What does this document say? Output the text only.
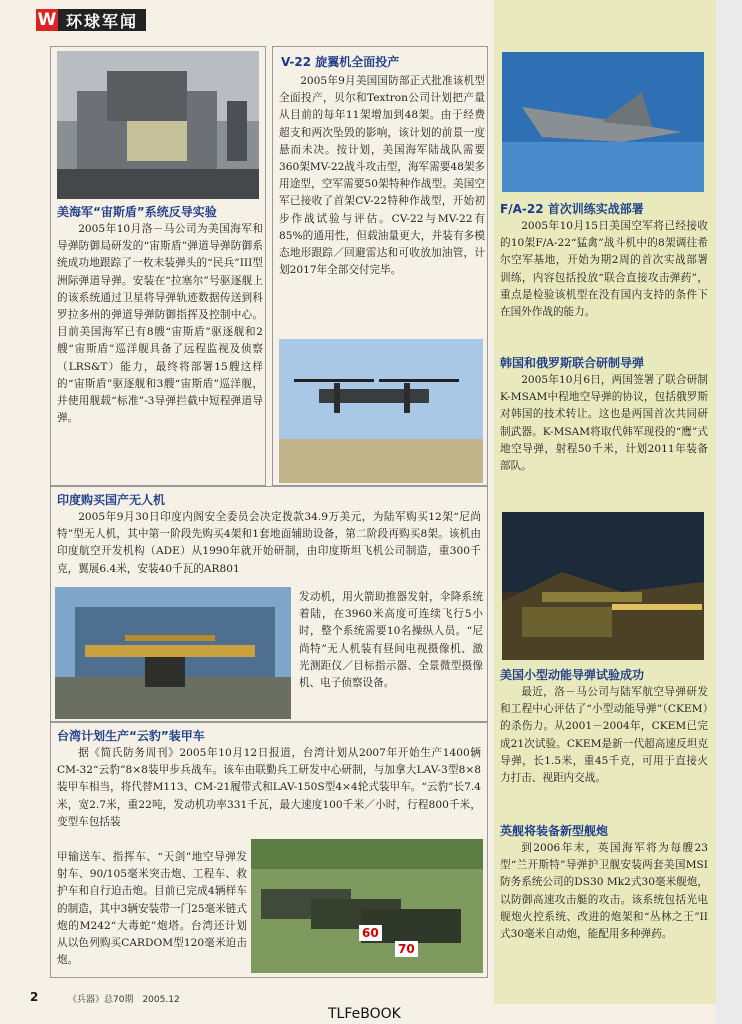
W 环球军闻
美海军“宙斯盾”系统反导实验
2005年10月洛－马公司为美国海军和导弹防御局研发的“宙斯盾”弹道导弹防御系统成功地跟踪了一枚未装弹头的“民兵”III型洲际弹道导弹。安装在“拉塞尔”号驱逐舰上的该系统通过卫星将导弹轨迹数据传送到科罗拉多州的弹道导弹防御指挥及控制中心。目前美国海军已有8艘“宙斯盾”驱逐舰和2艘“宙斯盾”巡洋舰具备了远程监视及侦察（LRS&T）能力，最终将部署15艘这样的“宙斯盾”驱逐舰和3艘“宙斯盾”巡洋舰，并使用舰载“标准”-3导弹拦截中短程弹道导弹。
V-22 旋翼机全面投产
2005年9月美国国防部正式批准该机型全面投产，贝尔和Textron公司计划把产量从目前的每年11架增加到48架。由于经费超支和两次坠毁的影响，该计划的前景一度悬而未决。按计划，美国海军陆战队需要360架MV-22战斗攻击型，海军需要48架多用途型，空军需要50架特种作战型。美国空军已接收了首架CV-22特种作战型，开始初步作战试验与评估。CV-22与MV-22有85%的通用性，但载油量更大，并装有多模态地形跟踪／回避雷达和可收放加油管，计划2017年全部交付完毕。
印度购买国产无人机
2005年9月30日印度内阁安全委员会决定拨款34.9万美元，为陆军购买12架“尼尚特”型无人机，其中第一阶段先购买4架和1套地面辅助设备，第二阶段再购买8架。该机由印度航空开发机构（ADE）从1990年就开始研制，由印度斯坦飞机公司制造，重300千克，翼展6.4米，安装40千瓦的AR801
发动机，用火箭助推器发射，伞降系统着陆，在3960米高度可连续飞行5小时，整个系统需要10名操纵人员。“尼尚特”无人机装有昼间电视摄像机、激光测距仪／目标指示器、全景微型摄像机、电子侦察设备。
台湾计划生产“云豹”装甲车
据《简氏防务周刊》2005年10月12日报道，台湾计划从2007年开始生产1400辆CM-32“云豹”8×8装甲步兵战车。该车由联勤兵工研发中心研制，与加拿大LAV-3型8×8装甲车相当，将代替M113、CM-21履带式和LAV-150S型4×4轮式装甲车。“云豹”长7.4米，宽2.7米，重22吨，发动机功率331千瓦，最大速度100千米／小时，行程800千米，变型车包括装
甲输送车、指挥车、“天剑”地空导弹发射车、90/105毫米突击炮、工程车、救护车和自行迫击炮。目前已完成4辆样车的制造，其中3辆安装带一门25毫米链式炮的M242“大毒蛇”炮塔。台湾还计划从以色列购买CARDOM型120毫米迫击炮。
60
70
F/A-22 首次训练实战部署
2005年10月15日美国空军将已经接收的10架F/A-22“猛禽”战斗机中的8架调往希尔空军基地，开始为期2周的首次实战部署训练，内容包括投放“联合直接攻击弹药”，重点是检验该机型在没有国内支持的条件下在国外作战的能力。
韩国和俄罗斯联合研制导弹
2005年10月6日，两国签署了联合研制K-MSAM中程地空导弹的协议，包括俄罗斯对韩国的技术转让。这也是两国首次共同研制武器。K-MSAM将取代韩军现役的“鹰”式地空导弹，射程50千米，计划2011年装备部队。
美国小型动能导弹试验成功
最近，洛－马公司与陆军航空导弹研发和工程中心评估了“小型动能导弹”（CKEM）的杀伤力。从2001－2004年，CKEM已完成21次试验。CKEM是新一代超高速反坦克导弹，长1.5米，重45千克，可用于直接火力打击、视距内交战。
英舰将装备新型舰炮
到2006年末，英国海军将为每艘23型“兰开斯特”导弹护卫舰安装两套美国MSI防务系统公司的DS30 Mk2式30毫米舰炮，以防御高速攻击艇的攻击。该系统包括光电舰炮火控系统、改进的炮架和“丛林之王”II式30毫米自动炮，能配用多种弹药。
2	《兵器》总70期　2005.12
TLFeBOOK
